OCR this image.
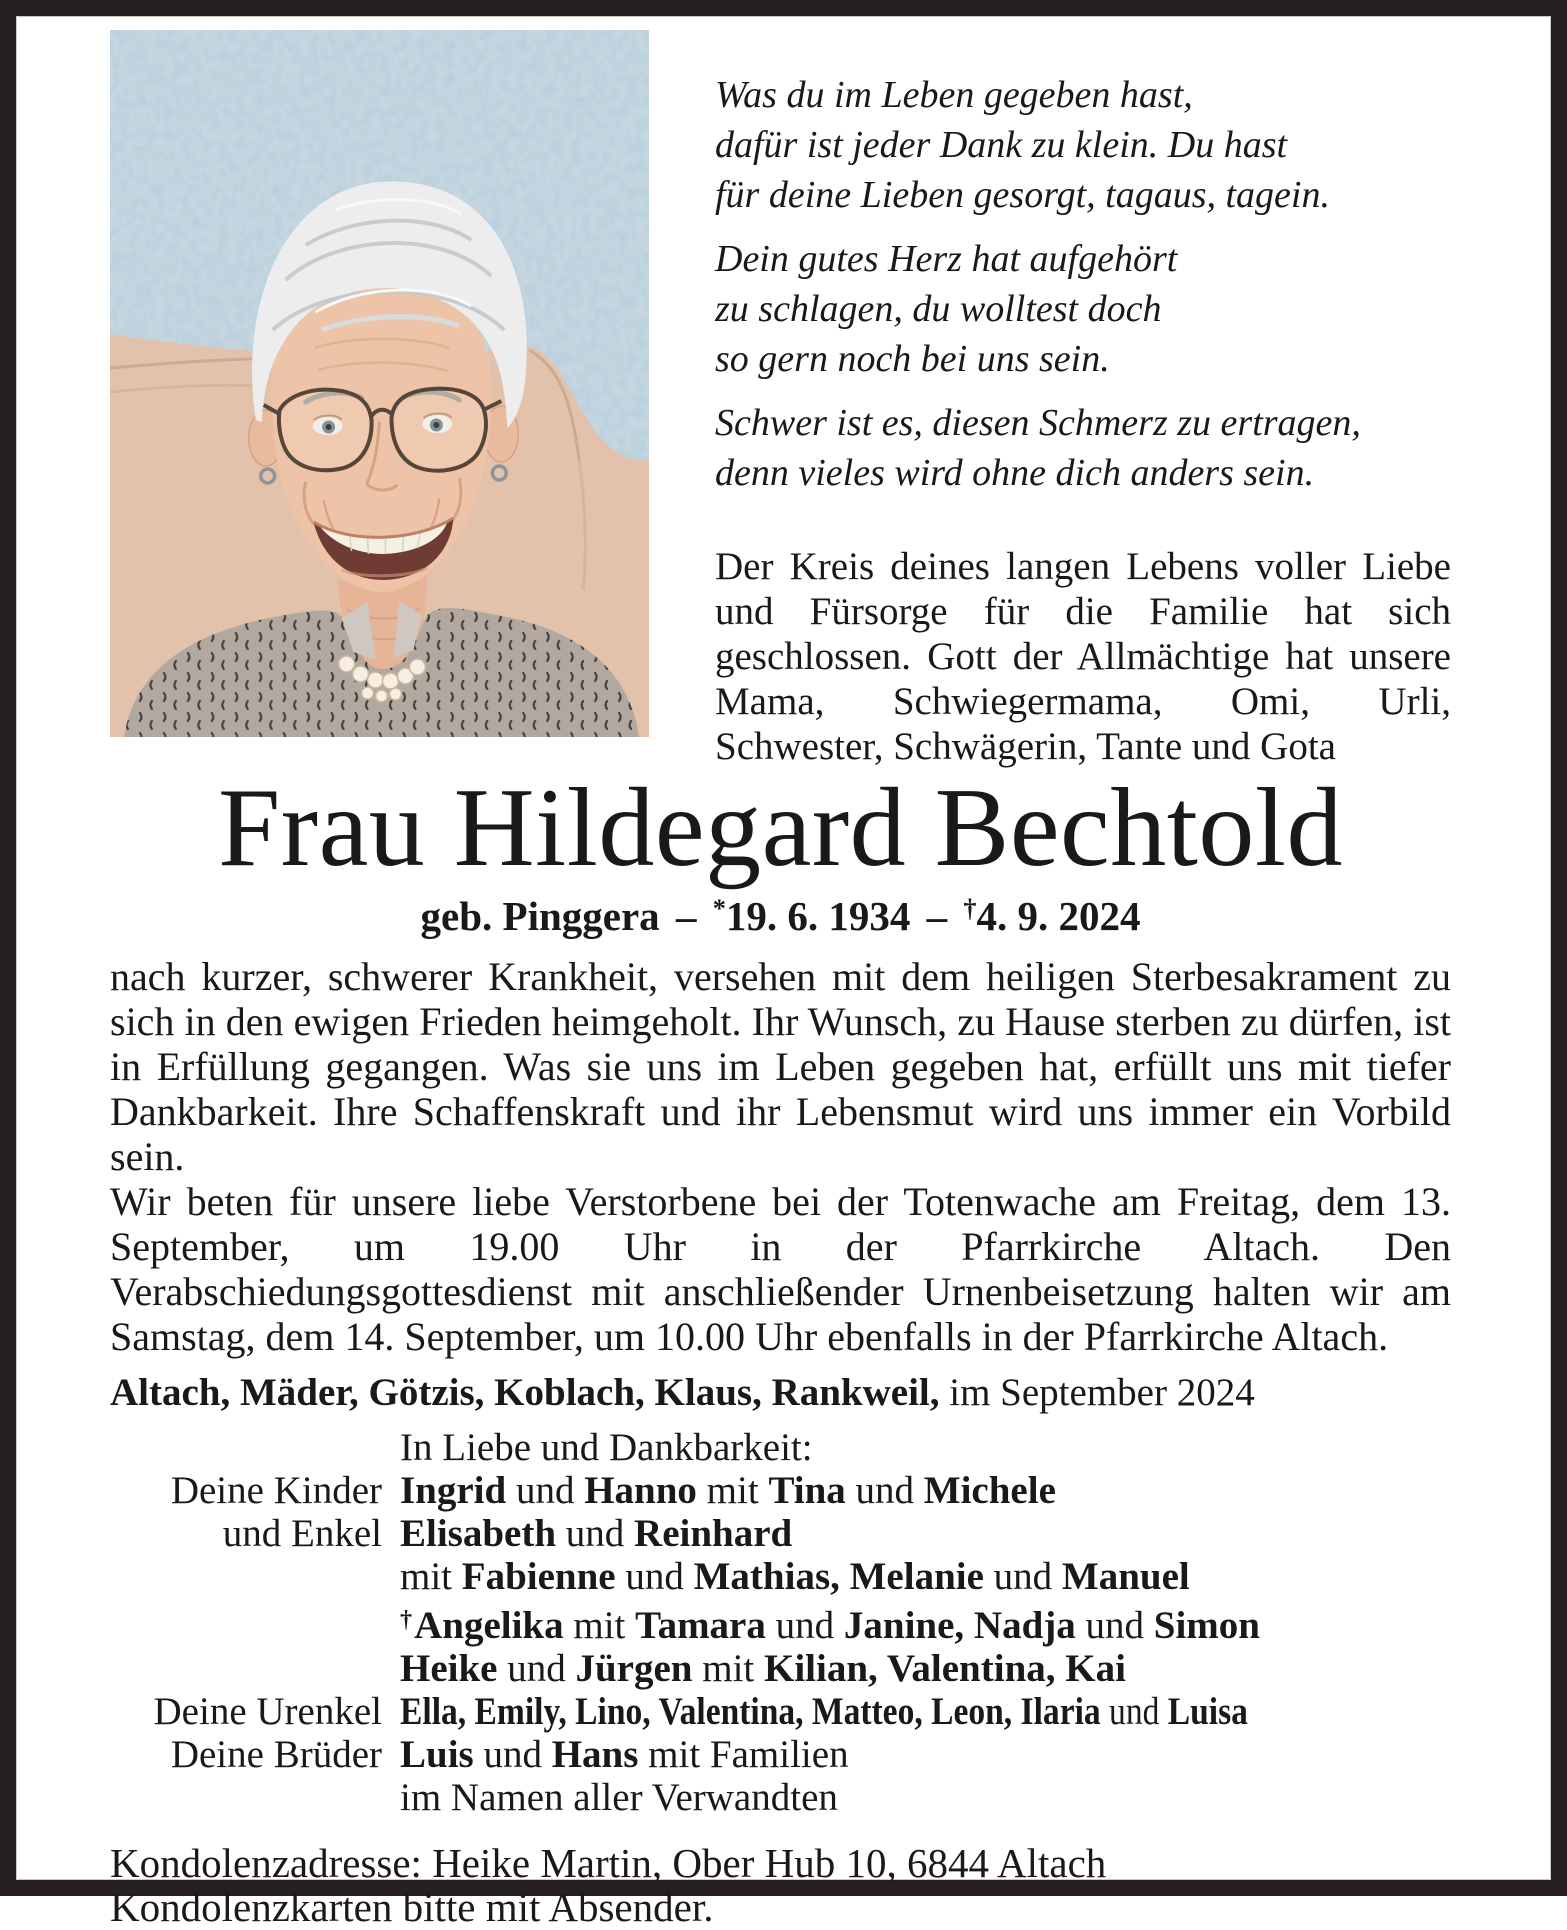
Was du im Leben gegeben hast,
dafür ist jeder Dank zu klein. Du hast
für deine Lieben gesorgt, tagaus, tagein.
Dein gutes Herz hat aufgehört
zu schlagen, du wolltest doch
so gern noch bei uns sein.
Schwer ist es, diesen Schmerz zu ertragen,
denn vieles wird ohne dich anders sein.

Der Kreis deines langen Lebens voller Liebe und Fürsorge für die Familie hat sich geschlossen. Gott der Allmächtige hat unsere Mama, Schwiegermama, Omi, Urli, Schwester, Schwägerin, Tante und Gota

Frau Hildegard Bechtold
geb. Pinggera – *19. 6. 1934 – †4. 9. 2024

nach kurzer, schwerer Krankheit, versehen mit dem heiligen Sterbesakrament zu sich in den ewigen Frieden heimgeholt. Ihr Wunsch, zu Hause sterben zu dürfen, ist in Erfüllung gegangen. Was sie uns im Leben gegeben hat, erfüllt uns mit tiefer Dankbarkeit. Ihre Schaffenskraft und ihr Lebensmut wird uns immer ein Vorbild sein.

Wir beten für unsere liebe Verstorbene bei der Totenwache am Freitag, dem 13. September, um 19.00 Uhr in der Pfarrkirche Altach. Den Verabschiedungsgottesdienst mit anschließender Urnenbeisetzung halten wir am Samstag, dem 14. September, um 10.00 Uhr ebenfalls in der Pfarrkirche Altach.

Altach, Mäder, Götzis, Koblach, Klaus, Rankweil, im September 2024
In Liebe und Dankbarkeit:
Deine Kinder Ingrid und Hanno mit Tina und Michele
und Enkel Elisabeth und Reinhard
mit Fabienne und Mathias, Melanie und Manuel
†Angelika mit Tamara und Janine, Nadja und Simon
Heike und Jürgen mit Kilian, Valentina, Kai
Deine Urenkel Ella, Emily, Lino, Valentina, Matteo, Leon, Ilaria und Luisa
Deine Brüder Luis und Hans mit Familien
im Namen aller Verwandten
Kondolenzadresse: Heike Martin, Ober Hub 10, 6844 Altach
Kondolenzkarten bitte mit Absender.
